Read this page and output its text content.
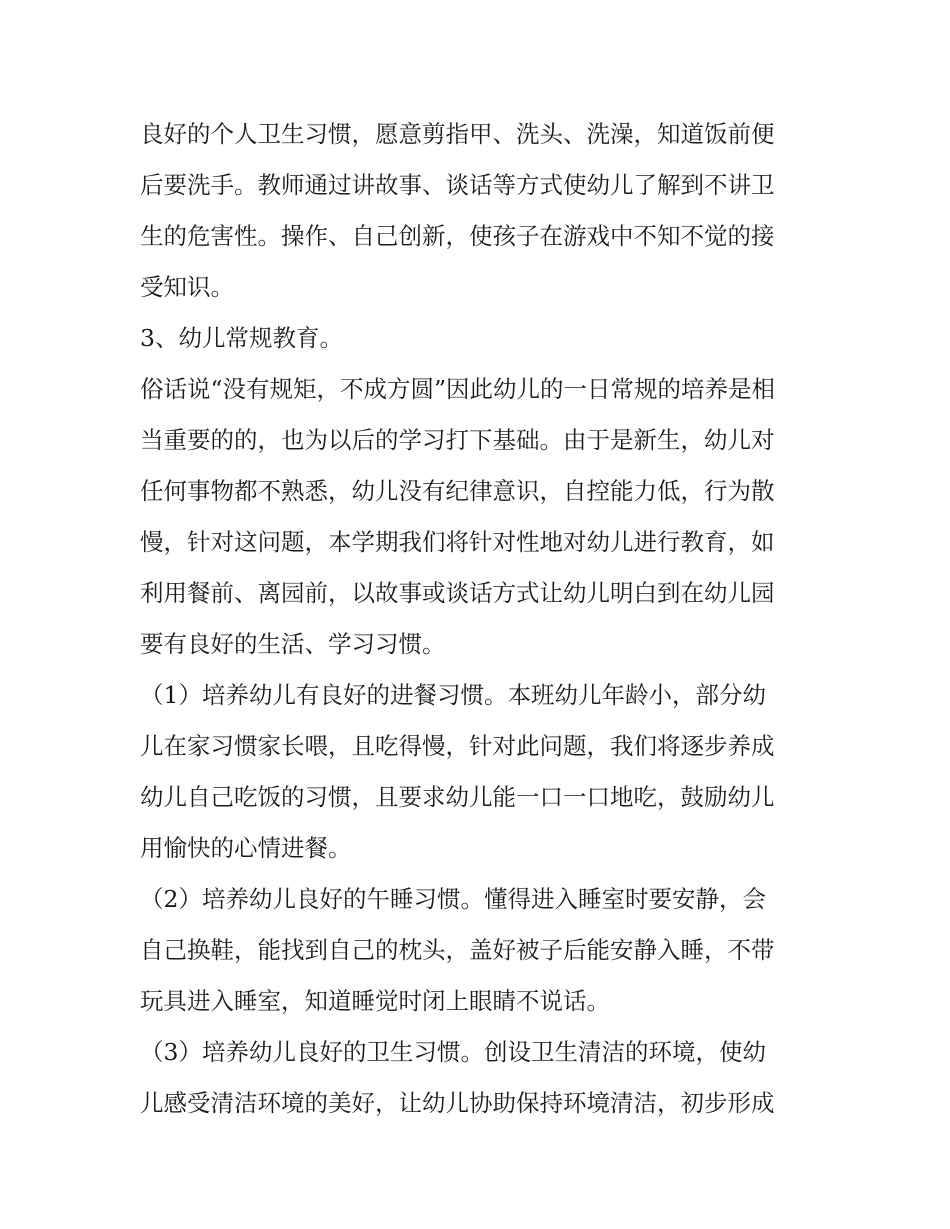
良好的个人卫生习惯，愿意剪指甲、洗头、洗澡，知道饭前便
后要洗手。教师通过讲故事、谈话等方式使幼儿了解到不讲卫
生的危害性。操作、自己创新，使孩子在游戏中不知不觉的接
受知识。
3、幼儿常规教育。
俗话说“没有规矩，不成方圆”因此幼儿的一日常规的培养是相
当重要的的，也为以后的学习打下基础。由于是新生，幼儿对
任何事物都不熟悉，幼儿没有纪律意识，自控能力低，行为散
慢，针对这问题，本学期我们将针对性地对幼儿进行教育，如
利用餐前、离园前，以故事或谈话方式让幼儿明白到在幼儿园
要有良好的生活、学习习惯。
（1）培养幼儿有良好的进餐习惯。本班幼儿年龄小，部分幼
儿在家习惯家长喂，且吃得慢，针对此问题，我们将逐步养成
幼儿自己吃饭的习惯，且要求幼儿能一口一口地吃，鼓励幼儿
用愉快的心情进餐。
（2）培养幼儿良好的午睡习惯。懂得进入睡室时要安静，会
自己换鞋，能找到自己的枕头，盖好被子后能安静入睡，不带
玩具进入睡室，知道睡觉时闭上眼睛不说话。
（3）培养幼儿良好的卫生习惯。创设卫生清洁的环境，使幼
儿感受清洁环境的美好，让幼儿协助保持环境清洁，初步形成
